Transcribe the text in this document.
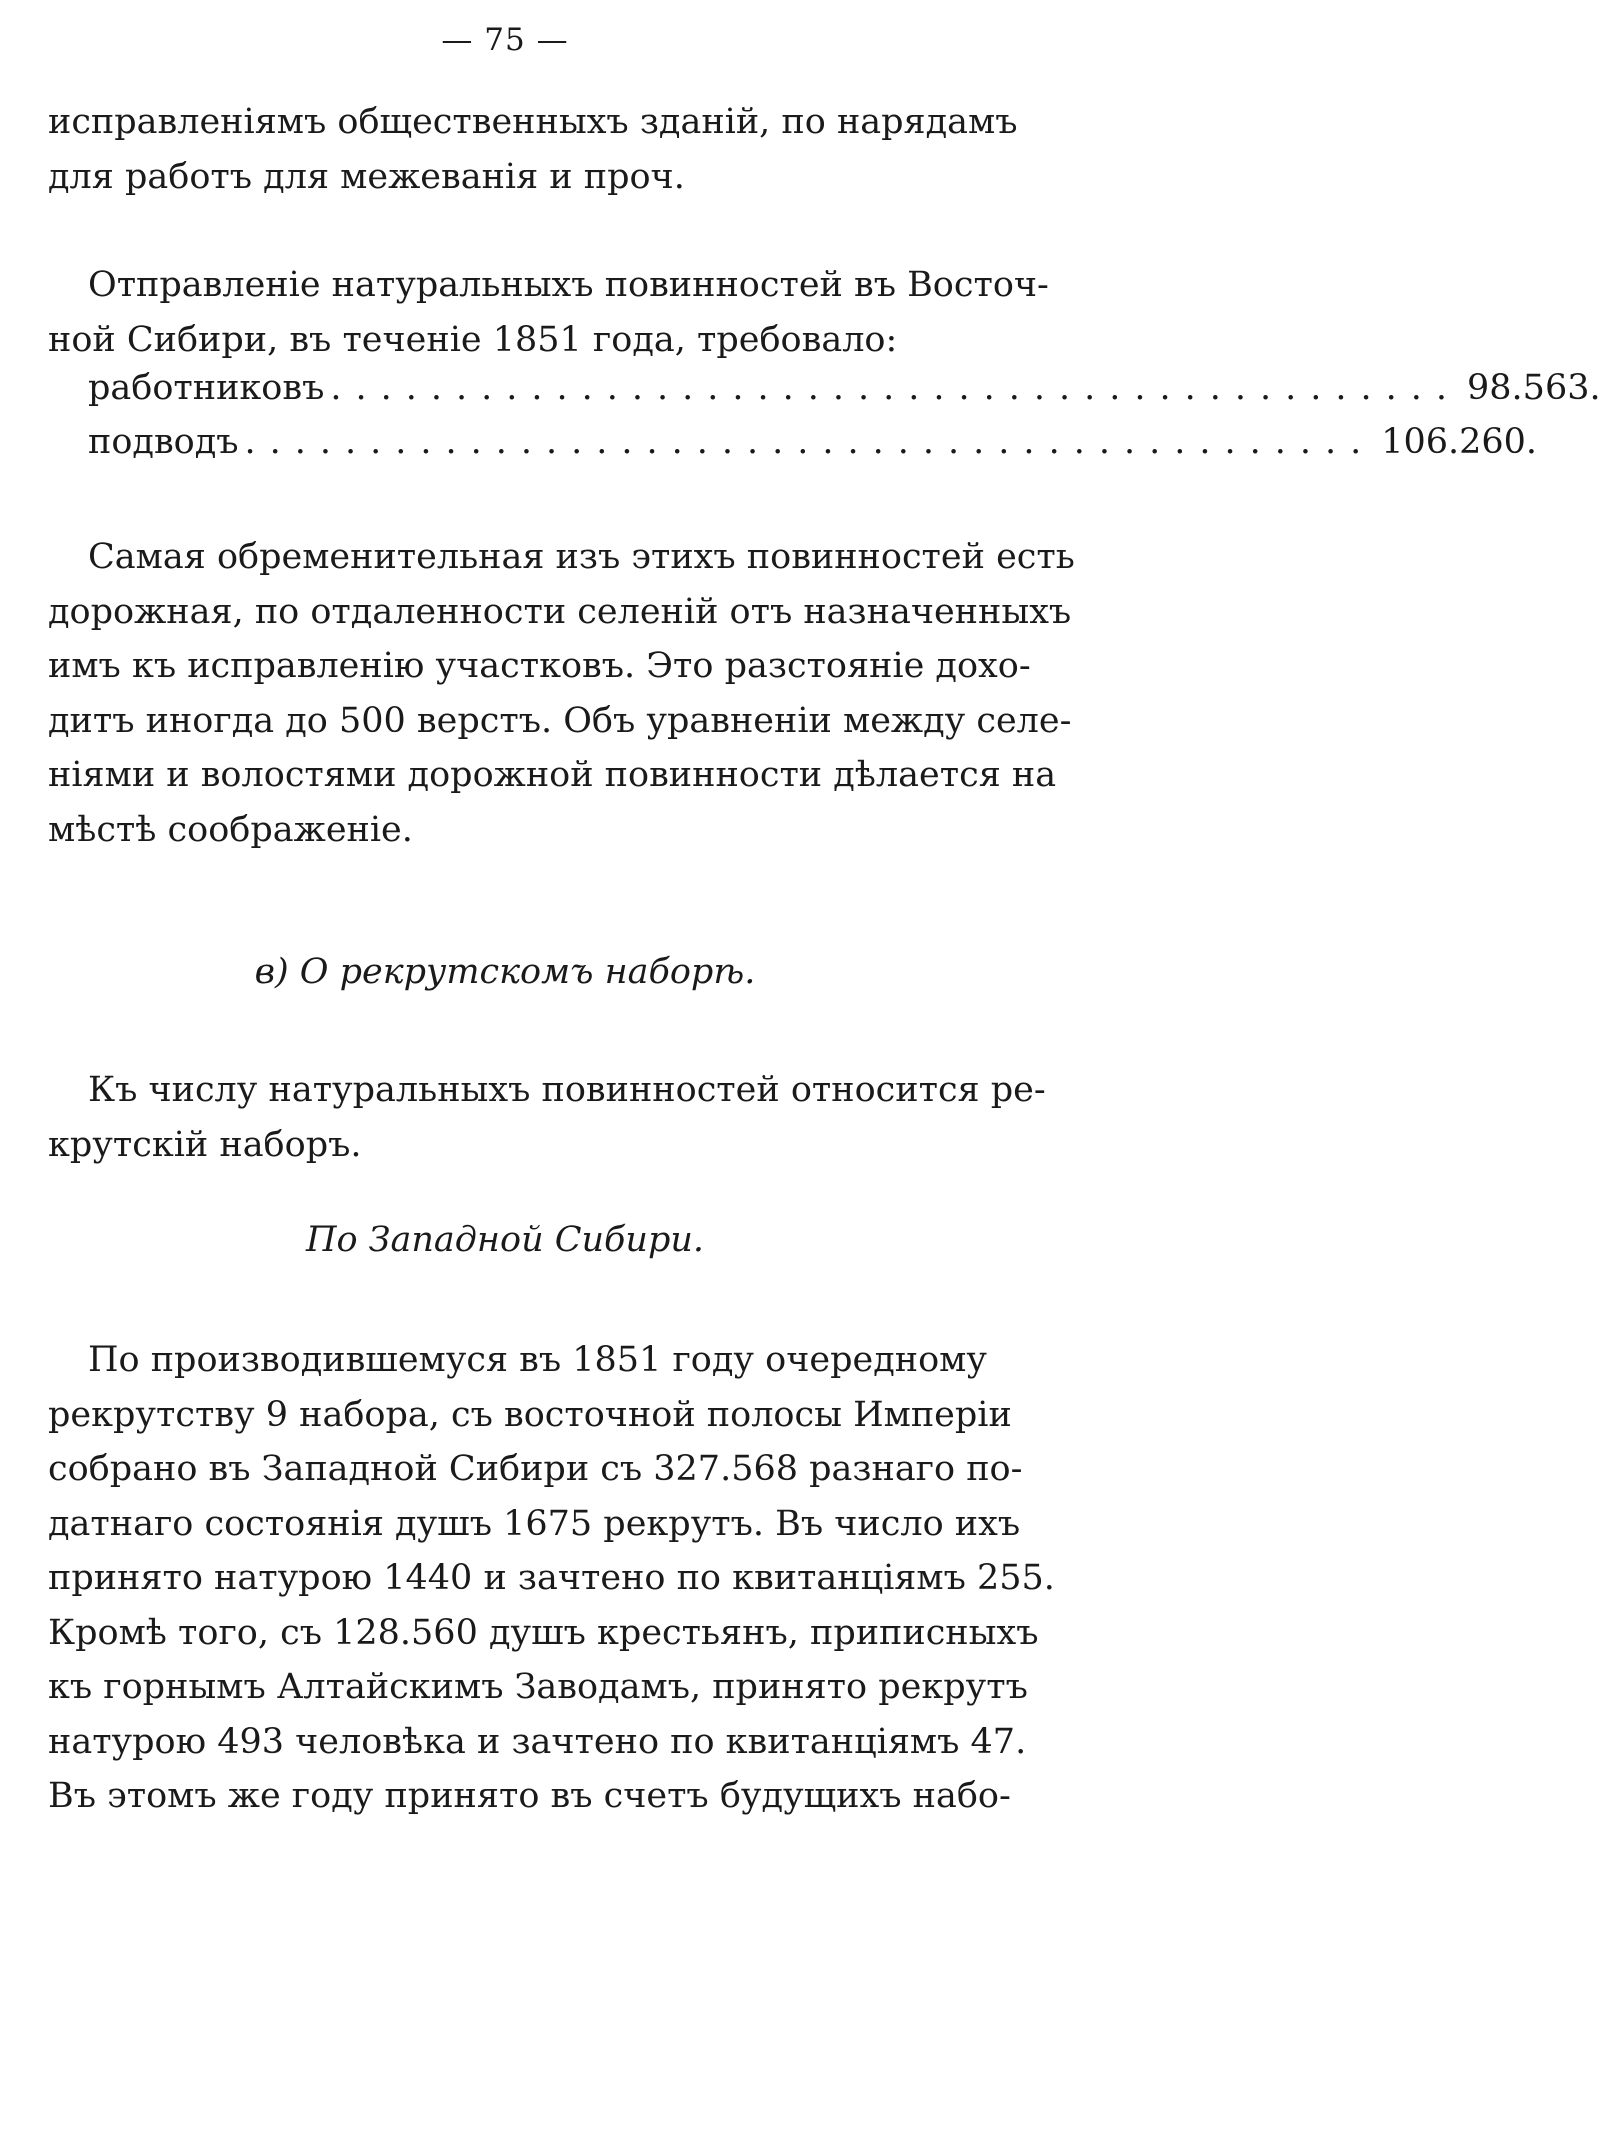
— 75 —
исправленіямъ общественныхъ зданій, по нарядамъ
для работъ для межеванія и проч.
Отправленіе натуральныхъ повинностей въ Восточ-
ной Сибири, въ теченіе 1851 года, требовало:
работниковъ ............................................. 98.563.
подводъ ............................................. 106.260.
Самая обременительная изъ этихъ повинностей есть
дорожная, по отдаленности селеній отъ назначенныхъ
имъ къ исправленію участковъ. Это разстояніе дохо-
дитъ иногда до 500 верстъ. Объ уравненіи между селе-
ніями и волостями дорожной повинности дѣлается на
мѣстѣ соображеніе.
в) О рекрутскомъ наборѣ.
Къ числу натуральныхъ повинностей относится ре-
крутскій наборъ.
По Западной Сибири.
По производившемуся въ 1851 году очередному
рекрутству 9 набора, съ восточной полосы Имперіи
собрано въ Западной Сибири съ 327.568 разнаго по-
датнаго состоянія душъ 1675 рекрутъ. Въ число ихъ
принято натурою 1440 и зачтено по квитанціямъ 255.
Кромѣ того, съ 128.560 душъ крестьянъ, приписныхъ
къ горнымъ Алтайскимъ Заводамъ, принято рекрутъ
натурою 493 человѣка и зачтено по квитанціямъ 47.
Въ этомъ же году принято въ счетъ будущихъ набо-
